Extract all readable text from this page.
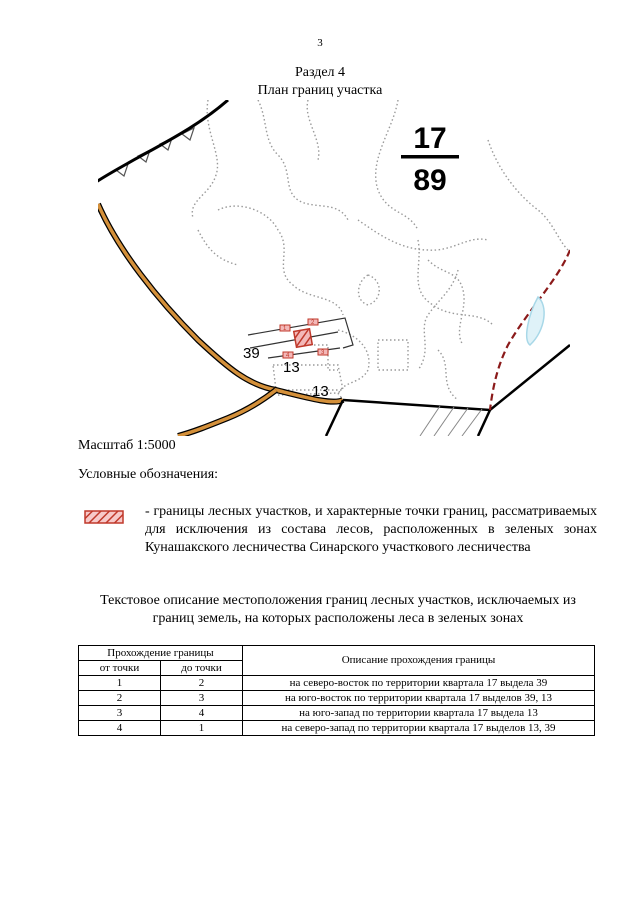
3
Раздел 4
План границ участка
1
2
3
4
39
13
13
17
89
Масштаб 1:5000
Условные обозначения:
- границы лесных участков, и характерные точки границ, рассматриваемых для исключения из состава лесов, расположенных в зеленых зонах Кунашакского лесничества Синарского участкового лесничества
Текстовое описание местоположения границ лесных участков, исключаемых из границ земель, на которых расположены леса в зеленых зонах
Прохождение границы		Описание прохождения границы
от точки	до точки	
1	2	на северо-восток по территории квартала 17 выдела 39
2	3	на юго-восток по территории квартала 17 выделов 39, 13
3	4	на юго-запад по территории квартала 17 выдела 13
4	1	на северо-запад по территории квартала 17 выделов 13, 39
